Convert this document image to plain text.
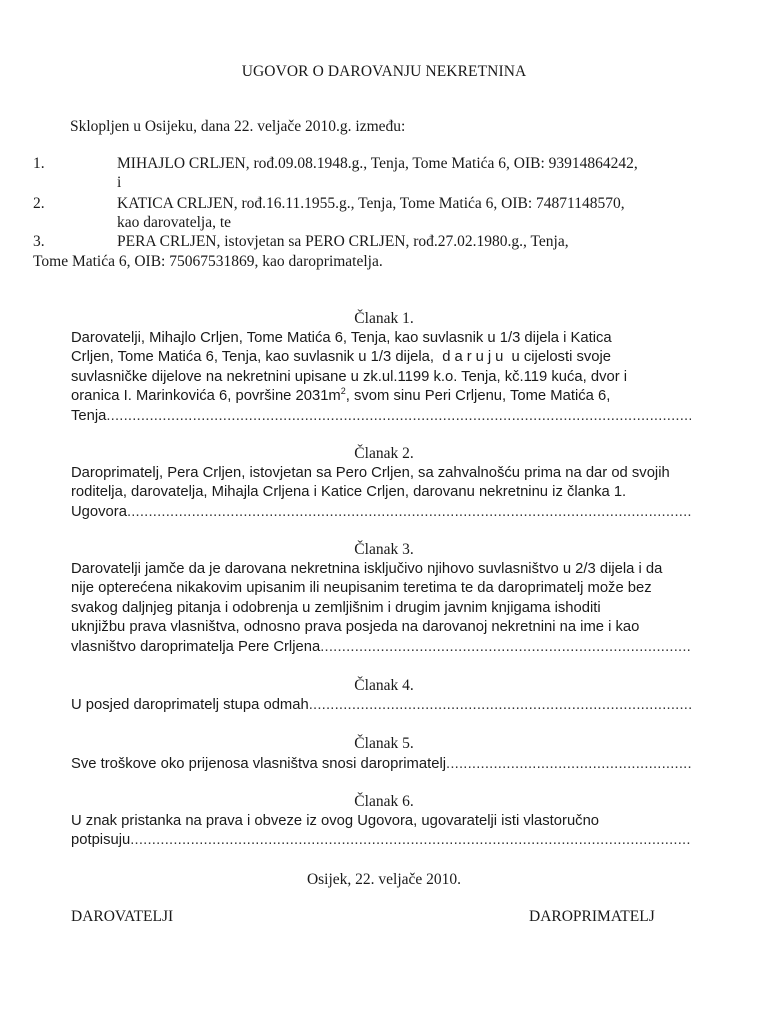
UGOVOR O DAROVANJU NEKRETNINA
Sklopljen u Osijeku, dana 22. veljače 2010.g. između:
1.	MIHAJLO CRLJEN, rođ.09.08.1948.g., Tenja, Tome Matića 6, OIB: 93914864242,
i
2.	KATICA CRLJEN, rođ.16.11.1955.g., Tenja, Tome Matića 6, OIB: 74871148570,
kao darovatelja, te
3.	PERA CRLJEN, istovjetan sa PERO CRLJEN, rođ.27.02.1980.g., Tenja,
Tome Matića 6, OIB: 75067531869, kao daroprimatelja.
Članak 1.
Darovatelji, Mihajlo Crljen, Tome Matića 6, Tenja, kao suvlasnik u 1/3 dijela i Katica
Crljen, Tome Matića 6, Tenja, kao suvlasnik u 1/3 dijela, daruju u cijelosti svoje
suvlasničke dijelove na nekretnini upisane u zk.ul.1199 k.o. Tenja, kč.119 kuća, dvor i
oranica I. Marinkovića 6, površine $2031m^2$, svom sinu Peri Crljenu, Tome Matića 6,
Tenja
.....
Članak 2.
Daroprimatelj, Pera Crljen, istovjetan sa Pero Crljen, sa zahvalnošću prima na dar od svojih
roditelja, darovatelja, Mihajla Crljena i Katice Crljen, darovanu nekretninu iz članka 1.
Ugovora
.....
Članak 3.
Darovatelji jamče da je darovana nekretnina isključivo njihovo suvlasništvo u 2/3 dijela i da
nije opterećena nikakovim upisanim ili neupisanim teretima te da daroprimatelj može bez
svakog daljnjeg pitanja i odobrenja u zemljišnim i drugim javnim knjigama ishoditi
uknjižbu prava vlasništva, odnosno prava posjeda na darovanoj nekretnini na ime i kao
vlasništvo daroprimatelja Pere Crljena
.....
Članak 4.
U posjed daroprimatelj stupa odmah
.....
Članak 5.
Sve troškove oko prijenosa vlasništva snosi daroprimatelj
.....
Članak 6.
U znak pristanka na prava i obveze iz ovog Ugovora, ugovaratelji isti vlastoručno
potpisuju
.....
Osijek, 22. veljače 2010.
DAROVATELJI	DAROPRIMATELJ
